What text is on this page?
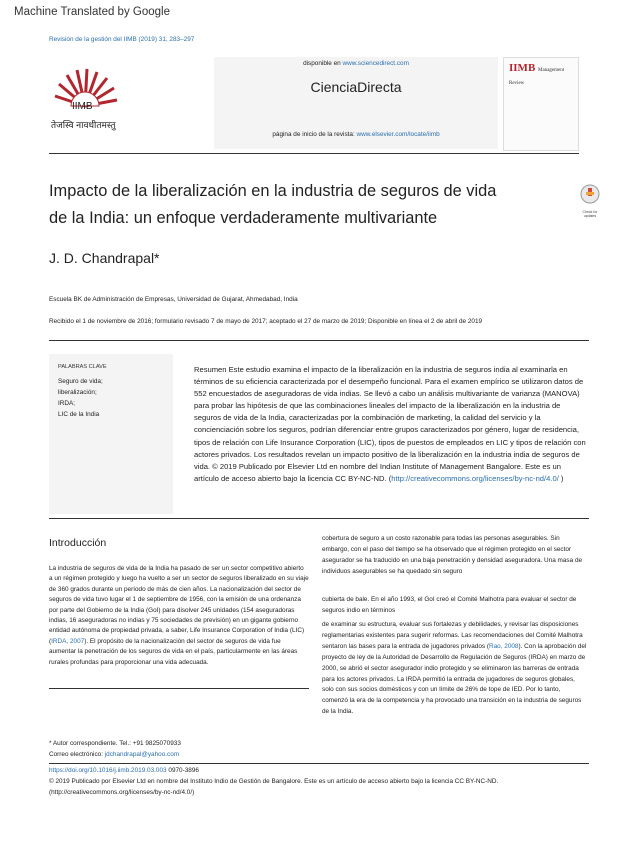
Machine Translated by Google
Revisión de la gestión del IIMB (2019) 31, 283–297
IIMB
तेजस्वि नावधीतमस्तु
disponible en www.sciencedirect.com
CienciaDirecta
página de inicio de la revista: www.elsevier.com/locate/iimb
IIMB Management Review
Check for updates
Impacto de la liberalización en la industria de seguros de vida
de la India: un enfoque verdaderamente multivariante
J. D. Chandrapal*
Escuela BK de Administración de Empresas, Universidad de Gujarat, Ahmedabad, India
Recibido el 1 de noviembre de 2016; formulario revisado 7 de mayo de 2017; aceptado el 27 de marzo de 2019; Disponible en línea el 2 de abril de 2019
PALABRAS CLAVE
Seguro de vida;
liberalización;
IRDA;
LIC de la India
Resumen Este estudio examina el impacto de la liberalización en la industria de seguros india al examinarla en términos de su eficiencia caracterizada por el desempeño funcional. Para el examen empírico se utilizaron datos de 552 encuestados de aseguradoras de vida indias. Se llevó a cabo un análisis multivariante de varianza (MANOVA) para probar las hipótesis de que las combinaciones lineales del impacto de la liberalización en la industria de seguros de vida de la India, caracterizadas por la combinación de marketing, la calidad del servicio y la concienciación sobre los seguros, podrían diferenciar entre grupos caracterizados por género, lugar de residencia, tipos de relación con Life Insurance Corporation (LIC), tipos de puestos de empleados en LIC y tipos de relación con actores privados. Los resultados revelan un impacto positivo de la liberalización en la industria india de seguros de vida. © 2019 Publicado por Elsevier Ltd en nombre del Indian Institute of Management Bangalore. Este es un artículo de acceso abierto bajo la licencia CC BY-NC-ND. (http://creativecommons.org/licenses/by-nc-nd/4.0/ )
Introducción
La industria de seguros de vida de la India ha pasado de ser un sector competitivo abierto a un régimen protegido y luego ha vuelto a ser un sector de seguros liberalizado en su viaje de 360 grados durante un período de más de cien años. La nacionalización del sector de seguros de vida tuvo lugar el 1 de septiembre de 1956, con la emisión de una ordenanza por parte del Gobierno de la India (GoI) para disolver 245 unidades (154 aseguradoras indias, 16 aseguradoras no indias y 75 sociedades de previsión) en un gigante gobierno entidad autónoma de propiedad privada, a saber, Life Insurance Corporation of India (LIC) (IRDA, 2007). El propósito de la nacionalización del sector de seguros de vida fue aumentar la penetración de los seguros de vida en el país, particularmente en las áreas rurales profundas para proporcionar una vida adecuada.
cobertura de seguro a un costo razonable para todas las personas asegurables. Sin embargo, con el paso del tiempo se ha observado que el régimen protegido en el sector asegurador se ha traducido en una baja penetración y densidad aseguradora. Una masa de individuos asegurables se ha quedado sin seguro
cubierta de bale. En el año 1993, el GoI creó el Comité Malhotra para evaluar el sector de seguros indio en términos
de examinar su estructura, evaluar sus fortalezas y debilidades, y revisar las disposiciones reglamentarias existentes para sugerir reformas. Las recomendaciones del Comité Malhotra sentaron las bases para la entrada de jugadores privados (Rao, 2008). Con la aprobación del proyecto de ley de la Autoridad de Desarrollo de Regulación de Seguros (IRDA) en marzo de 2000, se abrió el sector asegurador indio protegido y se eliminaron las barreras de entrada para los actores privados. La IRDA permitió la entrada de jugadores de seguros globales, solo con sus socios domésticos y con un límite de 26% de tope de IED. Por lo tanto, comenzó la era de la competencia y ha provocado una transición en la industria de seguros de la India.
* Autor correspondiente. Tel.: +91 9825070933
Correo electrónico: jdchandrapal@yahoo.com
https://doi.org/10.1016/j.iimb.2019.03.003 0970-3896
© 2019 Publicado por Elsevier Ltd en nombre del Instituto Indio de Gestión de Bangalore. Este es un artículo de acceso abierto bajo la licencia CC BY-NC-ND.
(http://creativecommons.org/licenses/by-nc-nd/4.0/)
